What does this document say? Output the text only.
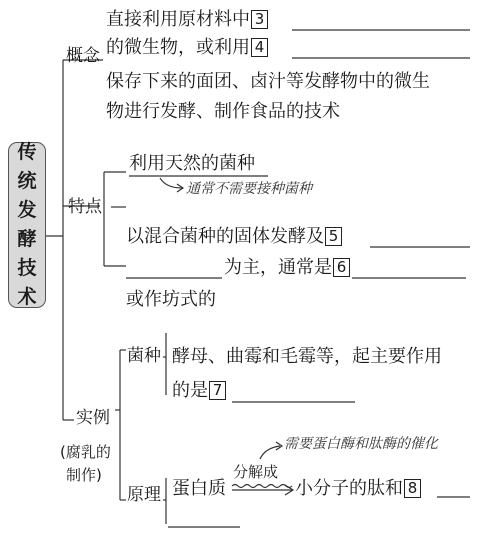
传
统
发
酵
技
术
概念
直接利用原材料中 3
的微生物，或利用 4
保存下来的面团、卤汁等发酵物中的微生
物进行发酵、制作食品的技术
特点
利用天然的菌种
通常不需要接种菌种
以混合菌种的固体发酵及 5
为主，通常是 6
或作坊式的
实例
(腐乳的
制作)
菌种 酵母、曲霉和毛霉等，起主要作用
的是 7
原理 蛋白质
分解成
需要蛋白酶和肽酶的催化
小分子的肽和 8
